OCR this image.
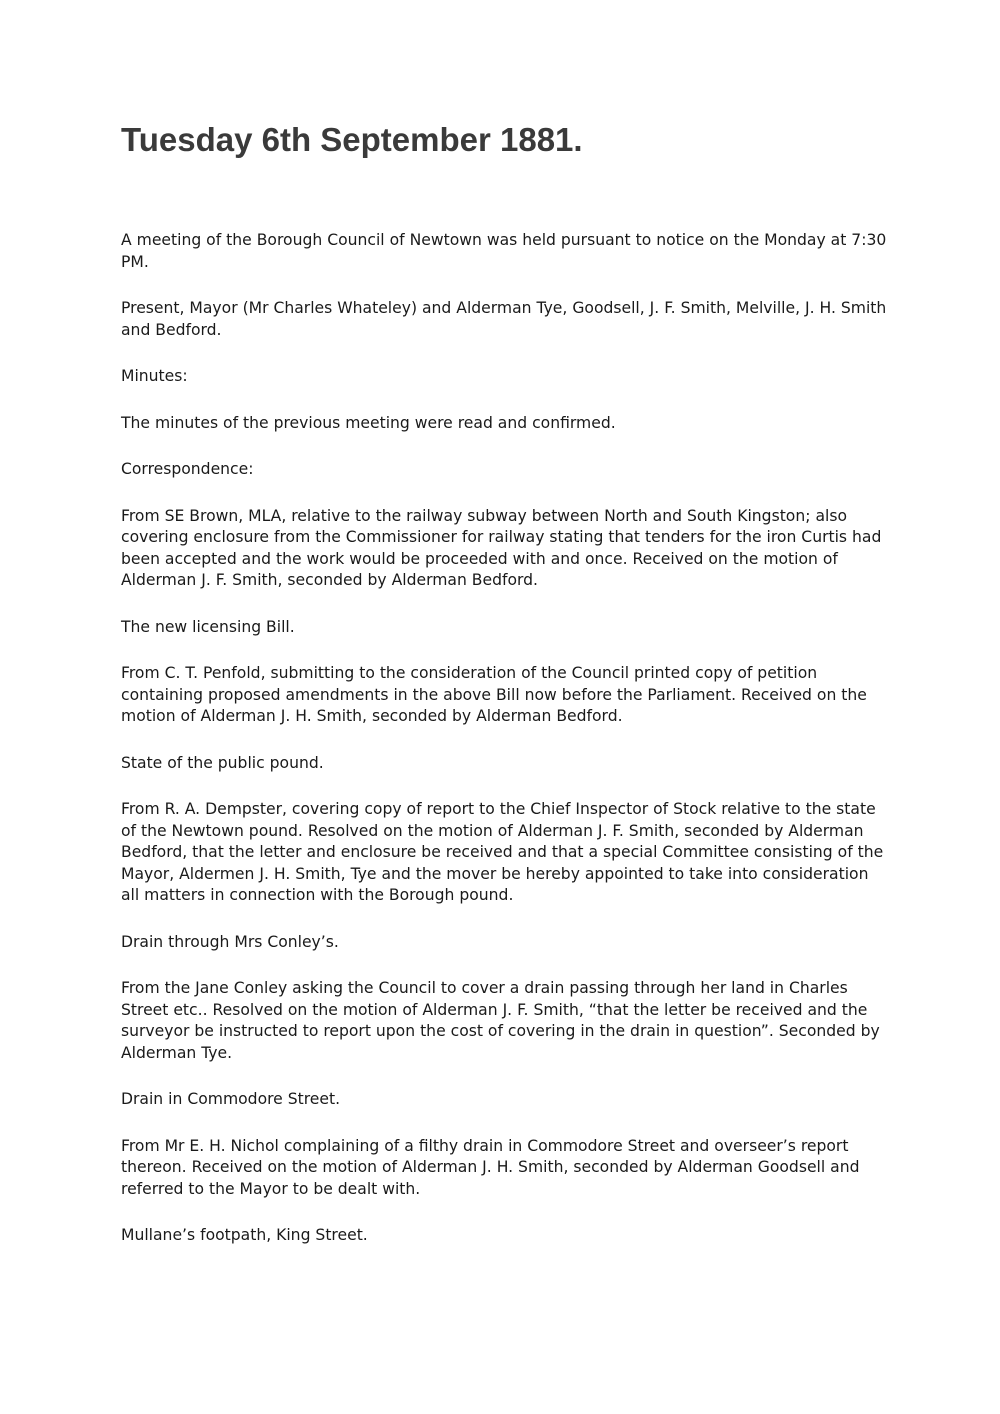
Tuesday 6th September 1881.

A meeting of the Borough Council of Newtown was held pursuant to notice on the Monday at 7:30 PM.

Present, Mayor (Mr Charles Whateley) and Alderman Tye, Goodsell, J. F. Smith, Melville, J. H. Smith and Bedford.

Minutes:

The minutes of the previous meeting were read and confirmed.

Correspondence:

From SE Brown, MLA, relative to the railway subway between North and South Kingston; also covering enclosure from the Commissioner for railway stating that tenders for the iron Curtis had been accepted and the work would be proceeded with and once. Received on the motion of Alderman J. F. Smith, seconded by Alderman Bedford.

The new licensing Bill.

From C. T. Penfold, submitting to the consideration of the Council printed copy of petition containing proposed amendments in the above Bill now before the Parliament. Received on the motion of Alderman J. H. Smith, seconded by Alderman Bedford.

State of the public pound.

From R. A. Dempster, covering copy of report to the Chief Inspector of Stock relative to the state of the Newtown pound. Resolved on the motion of Alderman J. F. Smith, seconded by Alderman Bedford, that the letter and enclosure be received and that a special Committee consisting of the Mayor, Aldermen J. H. Smith, Tye and the mover be hereby appointed to take into consideration all matters in connection with the Borough pound.

Drain through Mrs Conley’s.

From the Jane Conley asking the Council to cover a drain passing through her land in Charles Street etc.. Resolved on the motion of Alderman J. F. Smith, “that the letter be received and the surveyor be instructed to report upon the cost of covering in the drain in question”. Seconded by Alderman Tye.

Drain in Commodore Street.

From Mr E. H. Nichol complaining of a filthy drain in Commodore Street and overseer’s report thereon. Received on the motion of Alderman J. H. Smith, seconded by Alderman Goodsell and referred to the Mayor to be dealt with.

Mullane’s footpath, King Street.
